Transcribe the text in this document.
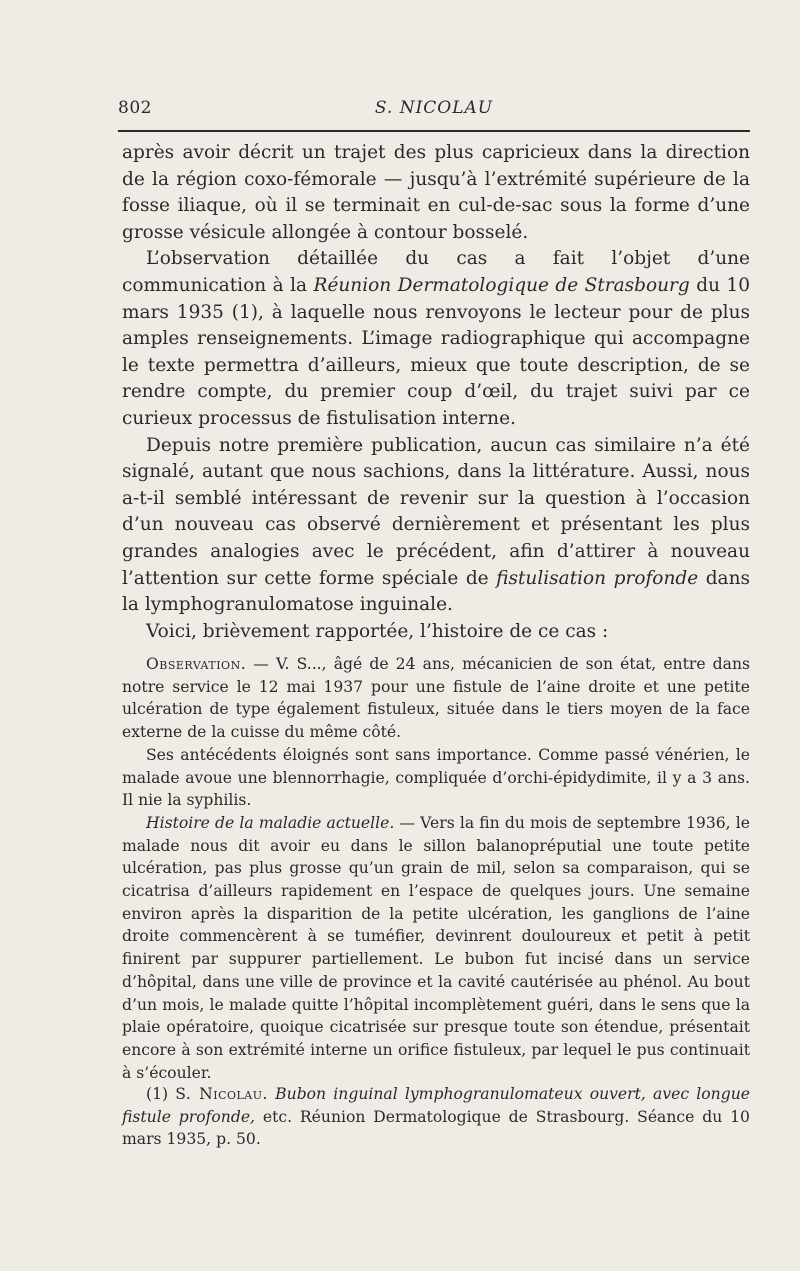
802	S. NICOLAU

après avoir décrit un trajet des plus capricieux dans la direction de la région coxo-fémorale — jusqu’à l’extrémité supérieure de la fosse iliaque, où il se terminait en cul-de-sac sous la forme d’une grosse vésicule allongée à contour bosselé.

L’observation détaillée du cas a fait l’objet d’une communication à la Réunion Dermatologique de Strasbourg du 10 mars 1935 (1), à laquelle nous renvoyons le lecteur pour de plus amples renseignements. L’image radiographique qui accompagne le texte permettra d’ailleurs, mieux que toute description, de se rendre compte, du premier coup d’œil, du trajet suivi par ce curieux processus de fistulisation interne.

Depuis notre première publication, aucun cas similaire n’a été signalé, autant que nous sachions, dans la littérature. Aussi, nous a-t-il semblé intéressant de revenir sur la question à l’occasion d’un nouveau cas observé dernièrement et présentant les plus grandes analogies avec le précédent, afin d’attirer à nouveau l’attention sur cette forme spéciale de fistulisation profonde dans la lymphogranulomatose inguinale.

Voici, brièvement rapportée, l’histoire de ce cas :

Observation. — V. S..., âgé de 24 ans, mécanicien de son état, entre dans notre service le 12 mai 1937 pour une fistule de l’aine droite et une petite ulcération de type également fistuleux, située dans le tiers moyen de la face externe de la cuisse du même côté.

Ses antécédents éloignés sont sans importance. Comme passé vénérien, le malade avoue une blennorrhagie, compliquée d’orchi-épidydimite, il y a 3 ans. Il nie la syphilis.

Histoire de la maladie actuelle. — Vers la fin du mois de septembre 1936, le malade nous dit avoir eu dans le sillon balanopréputial une toute petite ulcération, pas plus grosse qu’un grain de mil, selon sa comparaison, qui se cicatrisa d’ailleurs rapidement en l’espace de quelques jours. Une semaine environ après la disparition de la petite ulcération, les ganglions de l’aine droite commencèrent à se tuméfier, devinrent douloureux et petit à petit finirent par suppurer partiellement. Le bubon fut incisé dans un service d’hôpital, dans une ville de province et la cavité cautérisée au phénol. Au bout d’un mois, le malade quitte l’hôpital incomplètement guéri, dans le sens que la plaie opératoire, quoique cicatrisée sur presque toute son étendue, présentait encore à son extrémité interne un orifice fistuleux, par lequel le pus continuait à s’écouler.

(1) S. Nicolau. Bubon inguinal lymphogranulomateux ouvert, avec longue fistule profonde, etc. Réunion Dermatologique de Strasbourg. Séance du 10 mars 1935, p. 50.
